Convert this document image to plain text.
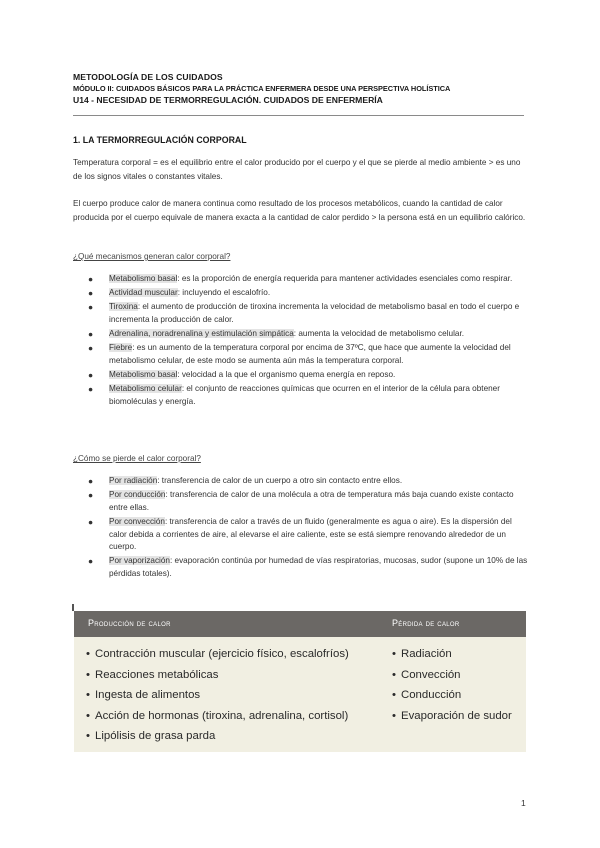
METODOLOGÍA DE LOS CUIDADOS
MÓDULO II: CUIDADOS BÁSICOS PARA LA PRÁCTICA ENFERMERA DESDE UNA PERSPECTIVA HOLÍSTICA
U14 - NECESIDAD DE TERMORREGULACIÓN. CUIDADOS DE ENFERMERÍA
1. LA TERMORREGULACIÓN CORPORAL
Temperatura corporal = es el equilibrio entre el calor producido por el cuerpo y el que se pierde al medio ambiente > es uno de los signos vitales o constantes vitales.
El cuerpo produce calor de manera continua como resultado de los procesos metabólicos, cuando la cantidad de calor producida por el cuerpo equivale de manera exacta a la cantidad de calor perdido > la persona está en un equilibrio calórico.
¿Qué mecanismos generan calor corporal?
● Metabolismo basal: es la proporción de energía requerida para mantener actividades esenciales como respirar.
● Actividad muscular: incluyendo el escalofrío.
● Tiroxina: el aumento de producción de tiroxina incrementa la velocidad de metabolismo basal en todo el cuerpo e incrementa la producción de calor.
● Adrenalina, noradrenalina y estimulación simpática: aumenta la velocidad de metabolismo celular.
● Fiebre: es un aumento de la temperatura corporal por encima de 37ºC, que hace que aumente la velocidad del metabolismo celular, de este modo se aumenta aún más la temperatura corporal.
● Metabolismo basal: velocidad a la que el organismo quema energía en reposo.
● Metabolismo celular: el conjunto de reacciones químicas que ocurren en el interior de la célula para obtener biomoléculas y energía.
¿Cómo se pierde el calor corporal?
● Por radiación: transferencia de calor de un cuerpo a otro sin contacto entre ellos.
● Por conducción: transferencia de calor de una molécula a otra de temperatura más baja cuando existe contacto entre ellas.
● Por convección: transferencia de calor a través de un fluido (generalmente es agua o aire). Es la dispersión del calor debida a corrientes de aire, al elevarse el aire caliente, este se está siempre renovando alrededor de un cuerpo.
● Por vaporización: evaporación continúa por humedad de vías respiratorias, mucosas, sudor (supone un 10% de las pérdidas totales).
Producción de calor	Pérdida de calor
• Contracción muscular (ejercicio físico, escalofríos)
• Reacciones metabólicas
• Ingesta de alimentos
• Acción de hormonas (tiroxina, adrenalina, cortisol)
• Lipólisis de grasa parda
• Radiación
• Convección
• Conducción
• Evaporación de sudor
1
